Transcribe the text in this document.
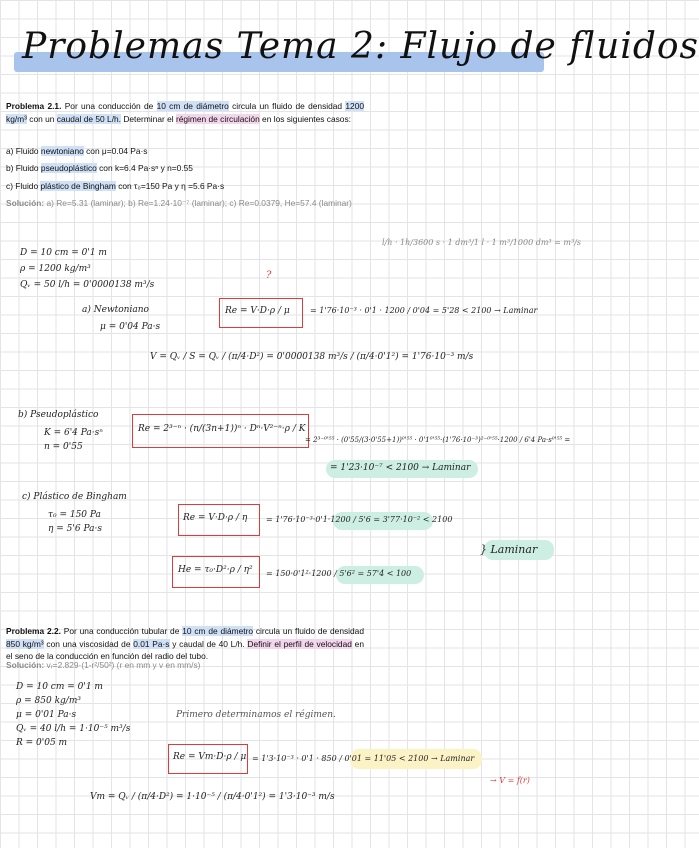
Problemas Tema 2: Flujo de fluidos
Problema 2.1. Por una conducción de 10 cm de diámetro circula un fluido de densidad 1200 kg/m³ con un caudal de 50 L/h. Determinar el régimen de circulación en los siguientes casos:
a) Fluido newtoniano con μ=0.04 Pa·s
b) Fluido pseudoplástico con k=6.4 Pa·sⁿ y n=0.55
c) Fluido plástico de Bingham con τ₀=150 Pa y η =5.6 Pa·s
Solución: a) Re=5.31 (laminar); b) Re=1.24·10⁻⁷ (laminar); c) Re=0.0379, He=57.4 (laminar)
l/h · 1h/3600 s · 1 dm³/1 l · 1 m³/1000 dm³ = m³/s
D = 10 cm = 0'1 m
ρ = 1200 kg/m³
Qᵥ = 50 l/h = 0'0000138 m³/s
a) Newtoniano
μ = 0'04 Pa·s
?
Re = V·D·ρ / μ	= 1'76·10⁻³ · 0'1 · 1200 / 0'04 = 5'28 < 2100 → Laminar
V = Qᵥ / S = Qᵥ / (π/4·D²) = 0'0000138 m³/s / (π/4·0'1²) = 1'76·10⁻³ m/s
b) Pseudoplástico
K = 6'4 Pa·sⁿ
n = 0'55
Re = 2³⁻ⁿ · (n/(3n+1))ⁿ · Dⁿ·V²⁻ⁿ·ρ / K
= 2³⁻⁰'⁵⁵ · (0'55/(3·0'55+1))⁰'⁵⁵ · 0'1⁰'⁵⁵·(1'76·10⁻³)²⁻⁰'⁵⁵·1200 / 6'4 Pa·s⁰'⁵⁵ =
= 1'23·10⁻⁷ < 2100 → Laminar
c) Plástico de Bingham
τ₀ = 150 Pa
η = 5'6 Pa·s
Re = V·D·ρ / η = 1'76·10⁻³·0'1·1200 / 5'6 = 3'77·10⁻² < 2100
He = τ₀·D²·ρ / η² = 150·0'1²·1200 / 5'6² = 57'4 < 100
} Laminar
Problema 2.2. Por una conducción tubular de 10 cm de diámetro circula un fluido de densidad 850 kg/m³ con una viscosidad de 0.01 Pa·s y caudal de 40 L/h. Definir el perfil de velocidad en el seno de la conducción en función del radio del tubo.
Solución: vᵣ=2.829·(1-r²/50²) (r en mm y v en mm/s)
D = 10 cm = 0'1 m
ρ = 850 kg/m³
μ = 0'01 Pa·s
Qᵥ = 40 l/h = 1·10⁻⁵ m³/s
R = 0'05 m
Primero determinamos el régimen.
Re = Vm·D·ρ / μ = 1'3·10⁻³ · 0'1 · 850 / 0'01 = 11'05 < 2100 → Laminar
→ V = f(r)
Vm = Qᵥ / (π/4·D²) = 1·10⁻⁵ / (π/4·0'1²) = 1'3·10⁻³ m/s
